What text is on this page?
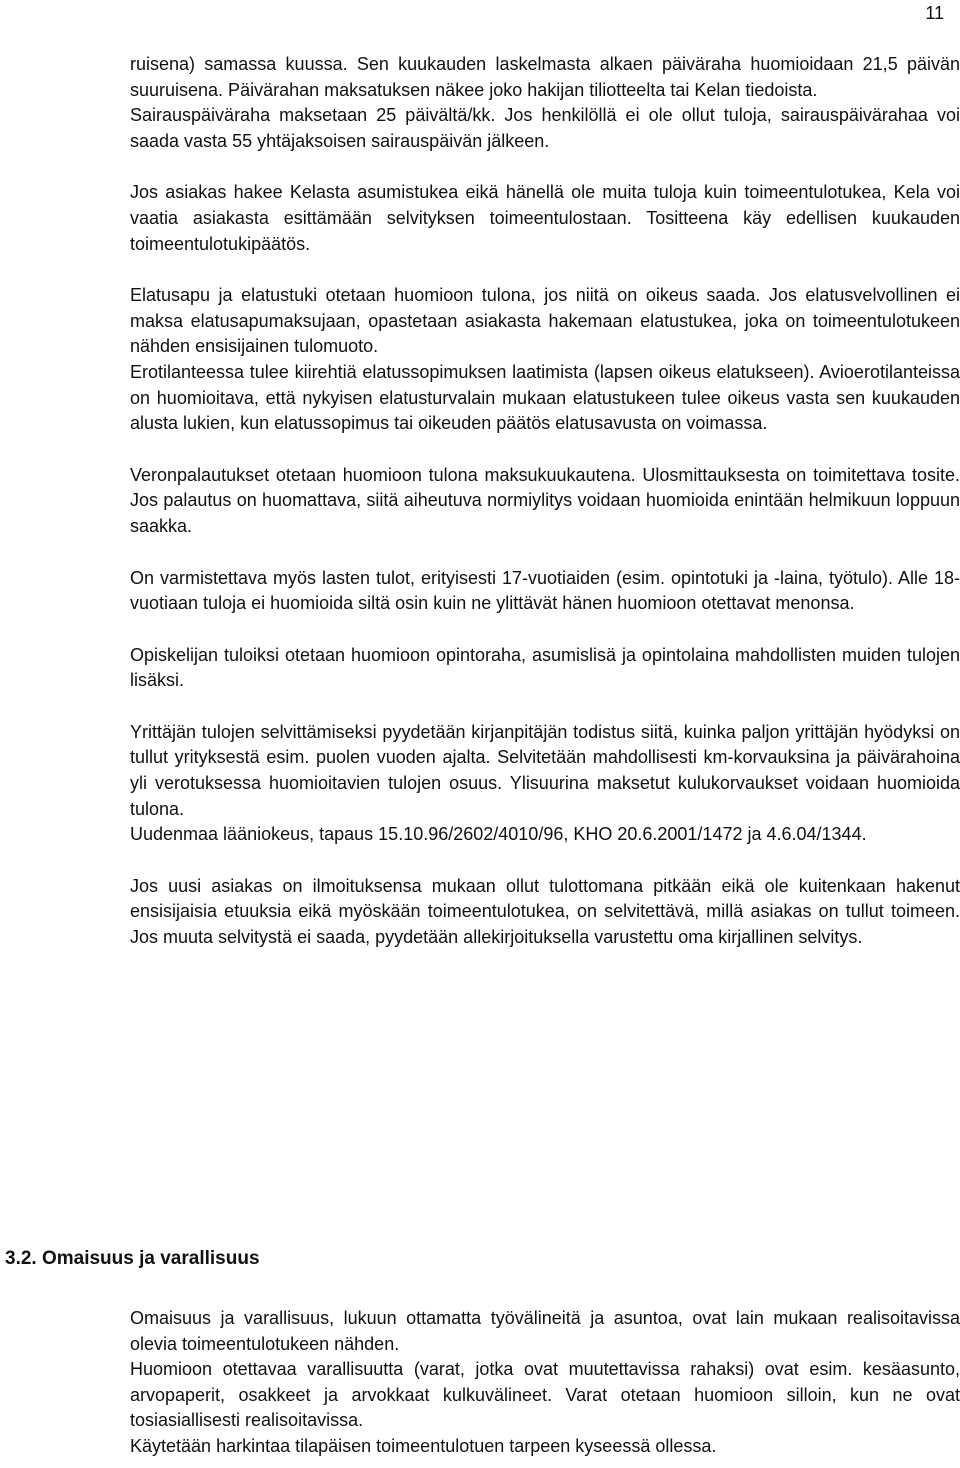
11

ruisena) samassa kuussa. Sen kuukauden laskelmasta alkaen päiväraha huomioidaan 21,5 päivän suuruisena. Päivärahan maksatuksen näkee joko hakijan tiliotteelta tai Kelan tiedoista.

Sairauspäiväraha maksetaan 25 päivältä/kk. Jos henkilöllä ei ole ollut tuloja, sairauspäivärahaa voi saada vasta 55 yhtäjaksoisen sairauspäivän jälkeen.

Jos asiakas hakee Kelasta asumistukea eikä hänellä ole muita tuloja kuin toimeentulotukea, Kela voi vaatia asiakasta esittämään selvityksen toimeentulostaan. Tositteena käy edellisen kuukauden toimeentulotukipäätös.

Elatusapu ja elatustuki otetaan huomioon tulona, jos niitä on oikeus saada. Jos elatusvelvollinen ei maksa elatusapumaksujaan, opastetaan asiakasta hakemaan elatustukea, joka on toimeentulotukeen nähden ensisijainen tulomuoto.

Erotilanteessa tulee kiirehtiä elatussopimuksen laatimista (lapsen oikeus elatukseen). Avioerotilanteissa on huomioitava, että nykyisen elatusturvalain mukaan elatustukeen tulee oikeus vasta sen kuukauden alusta lukien, kun elatussopimus tai oikeuden päätös elatusavusta on voimassa.

Veronpalautukset otetaan huomioon tulona maksukuukautena. Ulosmittauksesta on toimitettava tosite. Jos palautus on huomattava, siitä aiheutuva normiylitys voidaan huomioida enintään helmikuun loppuun saakka.

On varmistettava myös lasten tulot, erityisesti 17-vuotiaiden (esim. opintotuki ja -laina, työtulo). Alle 18-vuotiaan tuloja ei huomioida siltä osin kuin ne ylittävät hänen huomioon otettavat menonsa.

Opiskelijan tuloiksi otetaan huomioon opintoraha, asumislisä ja opintolaina mahdollisten muiden tulojen lisäksi.

Yrittäjän tulojen selvittämiseksi pyydetään kirjanpitäjän todistus siitä, kuinka paljon yrittäjän hyödyksi on tullut yrityksestä esim. puolen vuoden ajalta. Selvitetään mahdollisesti km-korvauksina ja päivärahoina yli verotuksessa huomioitavien tulojen osuus. Ylisuurina maksetut kulukorvaukset voidaan huomioida tulona.

Uudenmaa lääniokeus, tapaus 15.10.96/2602/4010/96, KHO 20.6.2001/1472 ja 4.6.04/1344.

Jos uusi asiakas on ilmoituksensa mukaan ollut tulottomana pitkään eikä ole kuitenkaan hakenut ensisijaisia etuuksia eikä myöskään toimeentulotukea, on selvitettävä, millä asiakas on tullut toimeen. Jos muuta selvitystä ei saada, pyydetään allekirjoituksella varustettu oma kirjallinen selvitys.

3.2. Omaisuus ja varallisuus

Omaisuus ja varallisuus, lukuun ottamatta työvälineitä ja asuntoa, ovat lain mukaan realisoitavissa olevia toimeentulotukeen nähden.

Huomioon otettavaa varallisuutta (varat, jotka ovat muutettavissa rahaksi) ovat esim. kesäasunto, arvopaperit, osakkeet ja arvokkaat kulkuvälineet. Varat otetaan huomioon silloin, kun ne ovat tosiasiallisesti realisoitavissa.

Käytetään harkintaa tilapäisen toimeentulotuen tarpeen kyseessä ollessa.
